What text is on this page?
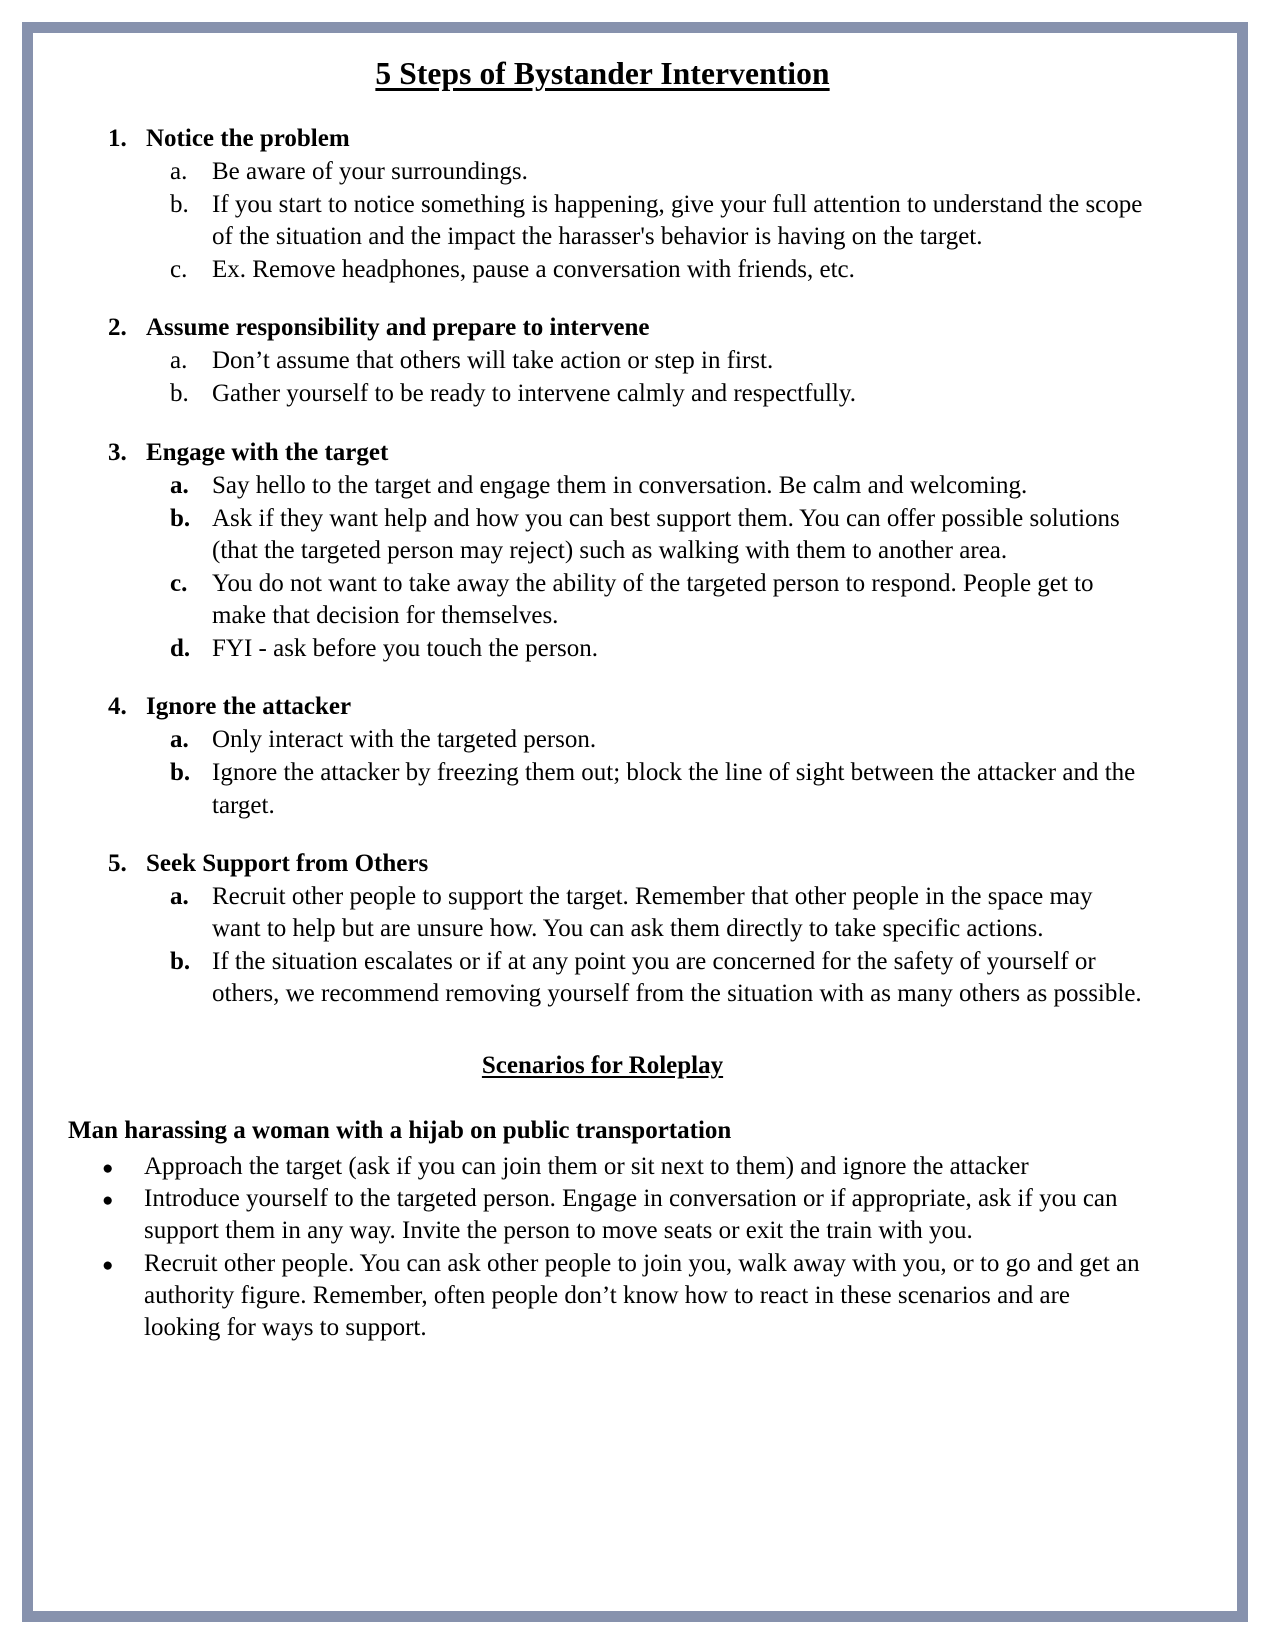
5 Steps of Bystander Intervention
1. Notice the problem
a. Be aware of your surroundings.
b. If you start to notice something is happening, give your full attention to understand the scope of the situation and the impact the harasser's behavior is having on the target.
c. Ex. Remove headphones, pause a conversation with friends, etc.
2. Assume responsibility and prepare to intervene
a. Don’t assume that others will take action or step in first.
b. Gather yourself to be ready to intervene calmly and respectfully.
3. Engage with the target
a. Say hello to the target and engage them in conversation. Be calm and welcoming.
b. Ask if they want help and how you can best support them. You can offer possible solutions (that the targeted person may reject) such as walking with them to another area.
c. You do not want to take away the ability of the targeted person to respond. People get to make that decision for themselves.
d. FYI - ask before you touch the person.
4. Ignore the attacker
a. Only interact with the targeted person.
b. Ignore the attacker by freezing them out; block the line of sight between the attacker and the target.
5. Seek Support from Others
a. Recruit other people to support the target. Remember that other people in the space may want to help but are unsure how. You can ask them directly to take specific actions.
b. If the situation escalates or if at any point you are concerned for the safety of yourself or others, we recommend removing yourself from the situation with as many others as possible.
Scenarios for Roleplay
Man harassing a woman with a hijab on public transportation
●	Approach the target (ask if you can join them or sit next to them) and ignore the attacker
●	Introduce yourself to the targeted person. Engage in conversation or if appropriate, ask if you can support them in any way. Invite the person to move seats or exit the train with you.
●	Recruit other people. You can ask other people to join you, walk away with you, or to go and get an authority figure. Remember, often people don’t know how to react in these scenarios and are looking for ways to support.
